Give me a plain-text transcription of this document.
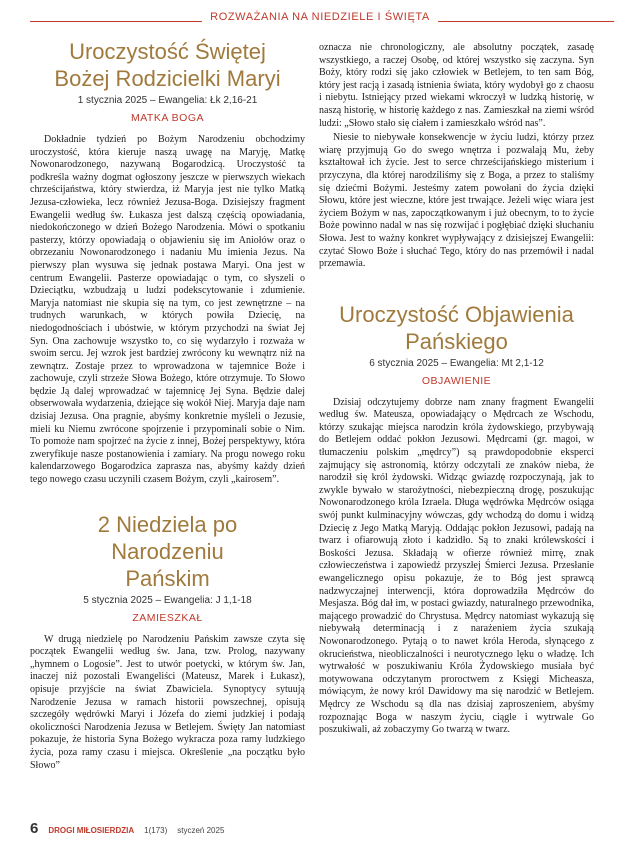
ROZWAŻANIA NA NIEDZIELE I ŚWIĘTA
Uroczystość Świętej Bożej Rodzicielki Maryi
1 stycznia 2025 – Ewangelia: Łk 2,16-21
MATKA BOGA

Dokładnie tydzień po Bożym Narodzeniu obchodzimy uroczystość, która kieruje naszą uwagę na Maryję, Matkę Nowonarodzonego, nazywaną Bogarodzicą. Uroczystość ta podkreśla ważny dogmat ogłoszony jeszcze w pierwszych wiekach chrześcijaństwa, który stwierdza, iż Maryja jest nie tylko Matką Jezusa-człowieka, lecz również Jezusa-Boga. Dzisiejszy fragment Ewangelii według św. Łukasza jest dalszą częścią opowiadania, niedokończonego w dzień Bożego Narodzenia. Mówi o spotkaniu pasterzy, którzy opowiadają o objawieniu się im Aniołów oraz o obrzezaniu Nowonarodzonego i nadaniu Mu imienia Jezus. Na pierwszy plan wysuwa się jednak postawa Maryi. Ona jest w centrum Ewangelii. Pasterze opowiadając o tym, co słyszeli o Dzieciątku, wzbudzają u ludzi podekscytowanie i zdumienie. Maryja natomiast nie skupia się na tym, co jest zewnętrzne – na trudnych warunkach, w których powiła Dziecię, na niedogodnościach i ubóstwie, w którym przychodzi na świat Jej Syn. Ona zachowuje wszystko to, co się wydarzyło i rozważa w swoim sercu. Jej wzrok jest bardziej zwrócony ku wewnątrz niż na zewnątrz. Zostaje przez to wprowadzona w tajemnice Boże i zachowuje, czyli strzeże Słowa Bożego, które otrzymuje. To Słowo będzie Ją dalej wprowadzać w tajemnicę Jej Syna. Będzie dalej obserwowała wydarzenia, dziejące się wokół Niej. Maryja daje nam dzisiaj Jezusa. Ona pragnie, abyśmy konkretnie myśleli o Jezusie, mieli ku Niemu zwrócone spojrzenie i przypominali sobie o Nim. To pomoże nam spojrzeć na życie z innej, Bożej perspektywy, która zweryfikuje nasze postanowienia i zamiary. Na progu nowego roku kalendarzowego Bogarodzica zaprasza nas, abyśmy każdy dzień tego nowego czasu uczynili czasem Bożym, czyli „kairosem”.

2 Niedziela po Narodzeniu Pańskim
5 stycznia 2025 – Ewangelia: J 1,1-18
ZAMIESZKAŁ

W drugą niedzielę po Narodzeniu Pańskim zawsze czyta się początek Ewangelii według św. Jana, tzw. Prolog, nazywany „hymnem o Logosie”. Jest to utwór poetycki, w którym św. Jan, inaczej niż pozostali Ewangeliści (Mateusz, Marek i Łukasz), opisuje przyjście na świat Zbawiciela. Synoptycy sytuują Narodzenie Jezusa w ramach historii powszechnej, opisują szczegóły wędrówki Maryi i Józefa do ziemi judzkiej i podają okoliczności Narodzenia Jezusa w Betlejem. Święty Jan natomiast pokazuje, że historia Syna Bożego wykracza poza ramy ludzkiego życia, poza ramy czasu i miejsca. Określenie „na początku było Słowo”

oznacza nie chronologiczny, ale absolutny początek, zasadę wszystkiego, a raczej Osobę, od której wszystko się zaczyna. Syn Boży, który rodzi się jako człowiek w Betlejem, to ten sam Bóg, który jest racją i zasadą istnienia świata, który wydobył go z chaosu i niebytu. Istniejący przed wiekami wkroczył w ludzką historię, w naszą historię, w historię każdego z nas. Zamieszkał na ziemi wśród ludzi: „Słowo stało się ciałem i zamieszkało wśród nas”.

Niesie to niebywałe konsekwencje w życiu ludzi, którzy przez wiarę przyjmują Go do swego wnętrza i pozwalają Mu, żeby kształtował ich życie. Jest to serce chrześcijańskiego misterium i przyczyna, dla której narodziliśmy się z Boga, a przez to staliśmy się dziećmi Bożymi. Jesteśmy zatem powołani do życia dzięki Słowu, które jest wieczne, które jest trwające. Jeżeli więc wiara jest życiem Bożym w nas, zapoczątkowanym i już obecnym, to to życie Boże powinno nadal w nas się rozwijać i pogłębiać dzięki słuchaniu Słowa. Jest to ważny konkret wypływający z dzisiejszej Ewangelii: czytać Słowo Boże i słuchać Tego, który do nas przemówił i nadal przemawia.

Uroczystość Objawienia Pańskiego
6 stycznia 2025 – Ewangelia: Mt 2,1-12
OBJAWIENIE

Dzisiaj odczytujemy dobrze nam znany fragment Ewangelii według św. Mateusza, opowiadający o Mędrcach ze Wschodu, którzy szukając miejsca narodzin króla żydowskiego, przybywają do Betlejem oddać pokłon Jezusowi. Mędrcami (gr. magoi, w tłumaczeniu polskim „mędrcy”) są prawdopodobnie eksperci zajmujący się astronomią, którzy odczytali ze znaków nieba, że narodził się król żydowski. Widząc gwiazdę rozpoczynają, jak to zwykle bywało w starożytności, niebezpieczną drogę, poszukując Nowonarodzonego króla Izraela. Długa wędrówka Mędrców osiąga swój punkt kulminacyjny wówczas, gdy wchodzą do domu i widzą Dziecię z Jego Matką Maryją. Oddając pokłon Jezusowi, padają na twarz i ofiarowują złoto i kadzidło. Są to znaki królewskości i Boskości Jezusa. Składają w ofierze również mirrę, znak człowieczeństwa i zapowiedź przyszłej Śmierci Jezusa. Przesłanie ewangelicznego opisu pokazuje, że to Bóg jest sprawcą nadzwyczajnej interwencji, która doprowadziła Mędrców do Mesjasza. Bóg dał im, w postaci gwiazdy, naturalnego przewodnika, mającego prowadzić do Chrystusa. Mędrcy natomiast wykazują się niebywałą determinacją i z narażeniem życia szukają Nowonarodzonego. Pytają o to nawet króla Heroda, słynącego z okrucieństwa, nieobliczalności i neurotycznego lęku o władzę. Ich wytrwałość w poszukiwaniu Króla Żydowskiego musiała być motywowana odczytanym proroctwem z Księgi Micheasza, mówiącym, że nowy król Dawidowy ma się narodzić w Betlejem. Mędrcy ze Wschodu są dla nas dzisiaj zaproszeniem, abyśmy rozpoznając Boga w naszym życiu, ciągle i wytrwale Go poszukiwali, aż zobaczymy Go twarzą w twarz.

6 DROGI MIŁOSIERDZIA 1(173) styczeń 2025
